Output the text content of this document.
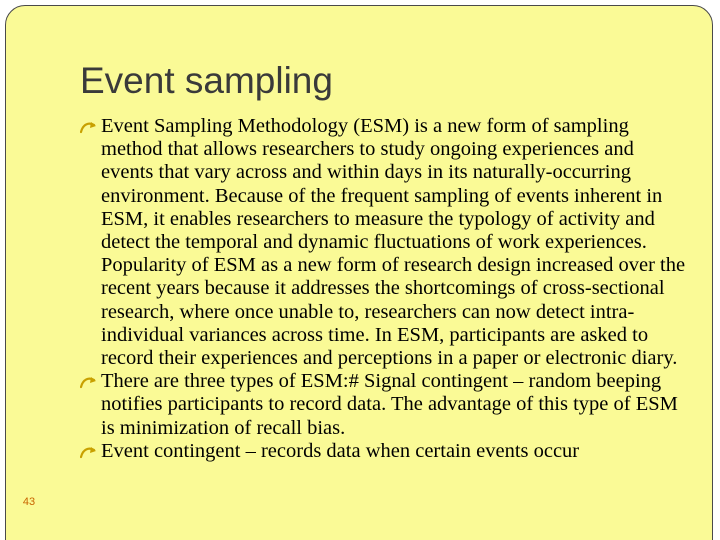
Event sampling
Event Sampling Methodology (ESM) is a new form of sampling method that allows researchers to study ongoing experiences and events that vary across and within days in its naturally-occurring environment. Because of the frequent sampling of events inherent in ESM, it enables researchers to measure the typology of activity and detect the temporal and dynamic fluctuations of work experiences. Popularity of ESM as a new form of research design increased over the recent years because it addresses the shortcomings of cross-sectional research, where once unable to, researchers can now detect intra-individual variances across time. In ESM, participants are asked to record their experiences and perceptions in a paper or electronic diary.
There are three types of ESM:# Signal contingent – random beeping notifies participants to record data. The advantage of this type of ESM is minimization of recall bias.
Event contingent – records data when certain events occur
43
